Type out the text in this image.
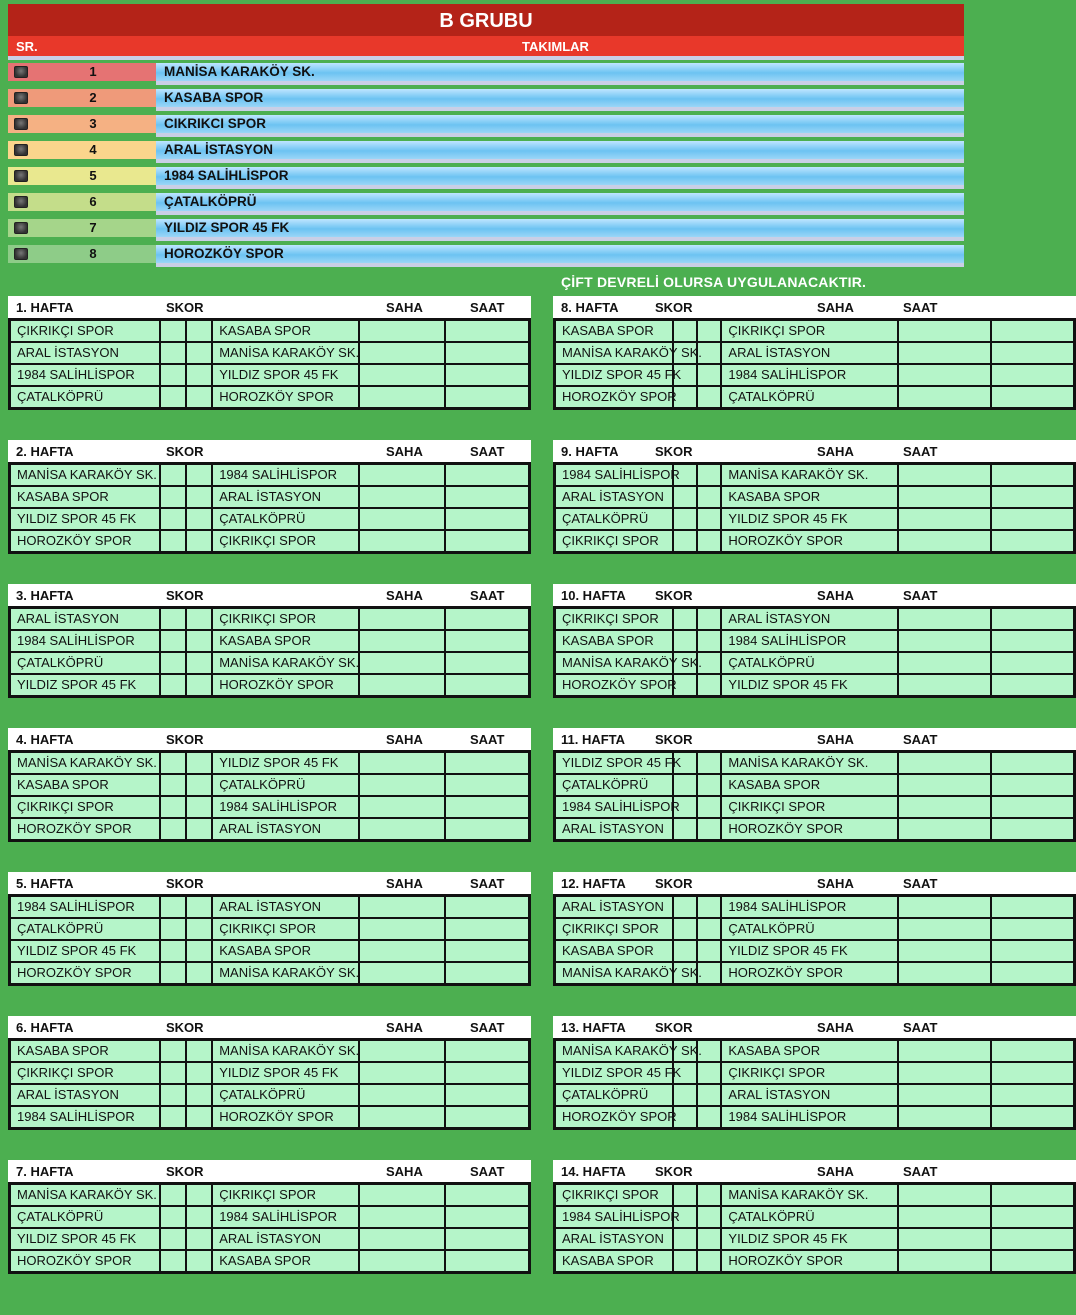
B GRUBU
SR.	TAKIMLAR
1	MANİSA KARAKÖY SK.
2	KASABA SPOR
3	CIKRIKCI SPOR
4	ARAL İSTASYON
5	1984 SALİHLİSPOR
6	ÇATALKÖPRÜ
7	YILDIZ SPOR 45 FK
8	HOROZKÖY SPOR
ÇİFT DEVRELİ OLURSA UYGULANACAKTIR.
1. HAFTA	SKOR	SAHA	SAAT
ÇIKRIKÇI SPOR			KASABA SPOR		
ARAL İSTASYON			MANİSA KARAKÖY SK.		
1984 SALİHLİSPOR			YILDIZ SPOR 45 FK		
ÇATALKÖPRÜ			HOROZKÖY SPOR		
2. HAFTA	SKOR	SAHA	SAAT
MANİSA KARAKÖY SK.			1984 SALİHLİSPOR		
KASABA SPOR			ARAL İSTASYON		
YILDIZ SPOR 45 FK			ÇATALKÖPRÜ		
HOROZKÖY SPOR			ÇIKRIKÇI SPOR		
3. HAFTA	SKOR	SAHA	SAAT
ARAL İSTASYON			ÇIKRIKÇI SPOR		
1984 SALİHLİSPOR			KASABA SPOR		
ÇATALKÖPRÜ			MANİSA KARAKÖY SK.		
YILDIZ SPOR 45 FK			HOROZKÖY SPOR		
4. HAFTA	SKOR	SAHA	SAAT
MANİSA KARAKÖY SK.			YILDIZ SPOR 45 FK		
KASABA SPOR			ÇATALKÖPRÜ		
ÇIKRIKÇI SPOR			1984 SALİHLİSPOR		
HOROZKÖY SPOR			ARAL İSTASYON		
5. HAFTA	SKOR	SAHA	SAAT
1984 SALİHLİSPOR			ARAL İSTASYON		
ÇATALKÖPRÜ			ÇIKRIKÇI SPOR		
YILDIZ SPOR 45 FK			KASABA SPOR		
HOROZKÖY SPOR			MANİSA KARAKÖY SK.		
6. HAFTA	SKOR	SAHA	SAAT
KASABA SPOR			MANİSA KARAKÖY SK.		
ÇIKRIKÇI SPOR			YILDIZ SPOR 45 FK		
ARAL İSTASYON			ÇATALKÖPRÜ		
1984 SALİHLİSPOR			HOROZKÖY SPOR		
7. HAFTA	SKOR	SAHA	SAAT
MANİSA KARAKÖY SK.			ÇIKRIKÇI SPOR		
ÇATALKÖPRÜ			1984 SALİHLİSPOR		
YILDIZ SPOR 45 FK			ARAL İSTASYON		
HOROZKÖY SPOR			KASABA SPOR		
8. HAFTA	SKOR	SAHA	SAAT
KASABA SPOR			ÇIKRIKÇI SPOR		
MANİSA KARAKÖY SK.			ARAL İSTASYON		
YILDIZ SPOR 45 FK			1984 SALİHLİSPOR		
HOROZKÖY SPOR			ÇATALKÖPRÜ		
9. HAFTA	SKOR	SAHA	SAAT
1984 SALİHLİSPOR			MANİSA KARAKÖY SK.		
ARAL İSTASYON			KASABA SPOR		
ÇATALKÖPRÜ			YILDIZ SPOR 45 FK		
ÇIKRIKÇI SPOR			HOROZKÖY SPOR		
10. HAFTA SKOR	SAHA	SAAT
ÇIKRIKÇI SPOR			ARAL İSTASYON		
KASABA SPOR			1984 SALİHLİSPOR		
MANİSA KARAKÖY SK.			ÇATALKÖPRÜ		
HOROZKÖY SPOR			YILDIZ SPOR 45 FK		
11. HAFTA SKOR	SAHA	SAAT
YILDIZ SPOR 45 FK			MANİSA KARAKÖY SK.		
ÇATALKÖPRÜ			KASABA SPOR		
1984 SALİHLİSPOR			ÇIKRIKÇI SPOR		
ARAL İSTASYON			HOROZKÖY SPOR		
12. HAFTA SKOR	SAHA	SAAT
ARAL İSTASYON			1984 SALİHLİSPOR		
ÇIKRIKÇI SPOR			ÇATALKÖPRÜ		
KASABA SPOR			YILDIZ SPOR 45 FK		
MANİSA KARAKÖY SK.			HOROZKÖY SPOR		
13. HAFTA SKOR	SAHA	SAAT
MANİSA KARAKÖY SK.			KASABA SPOR		
YILDIZ SPOR 45 FK			ÇIKRIKÇI SPOR		
ÇATALKÖPRÜ			ARAL İSTASYON		
HOROZKÖY SPOR			1984 SALİHLİSPOR		
14. HAFTA SKOR	SAHA	SAAT
ÇIKRIKÇI SPOR			MANİSA KARAKÖY SK.		
1984 SALİHLİSPOR			ÇATALKÖPRÜ		
ARAL İSTASYON			YILDIZ SPOR 45 FK		
KASABA SPOR			HOROZKÖY SPOR		
